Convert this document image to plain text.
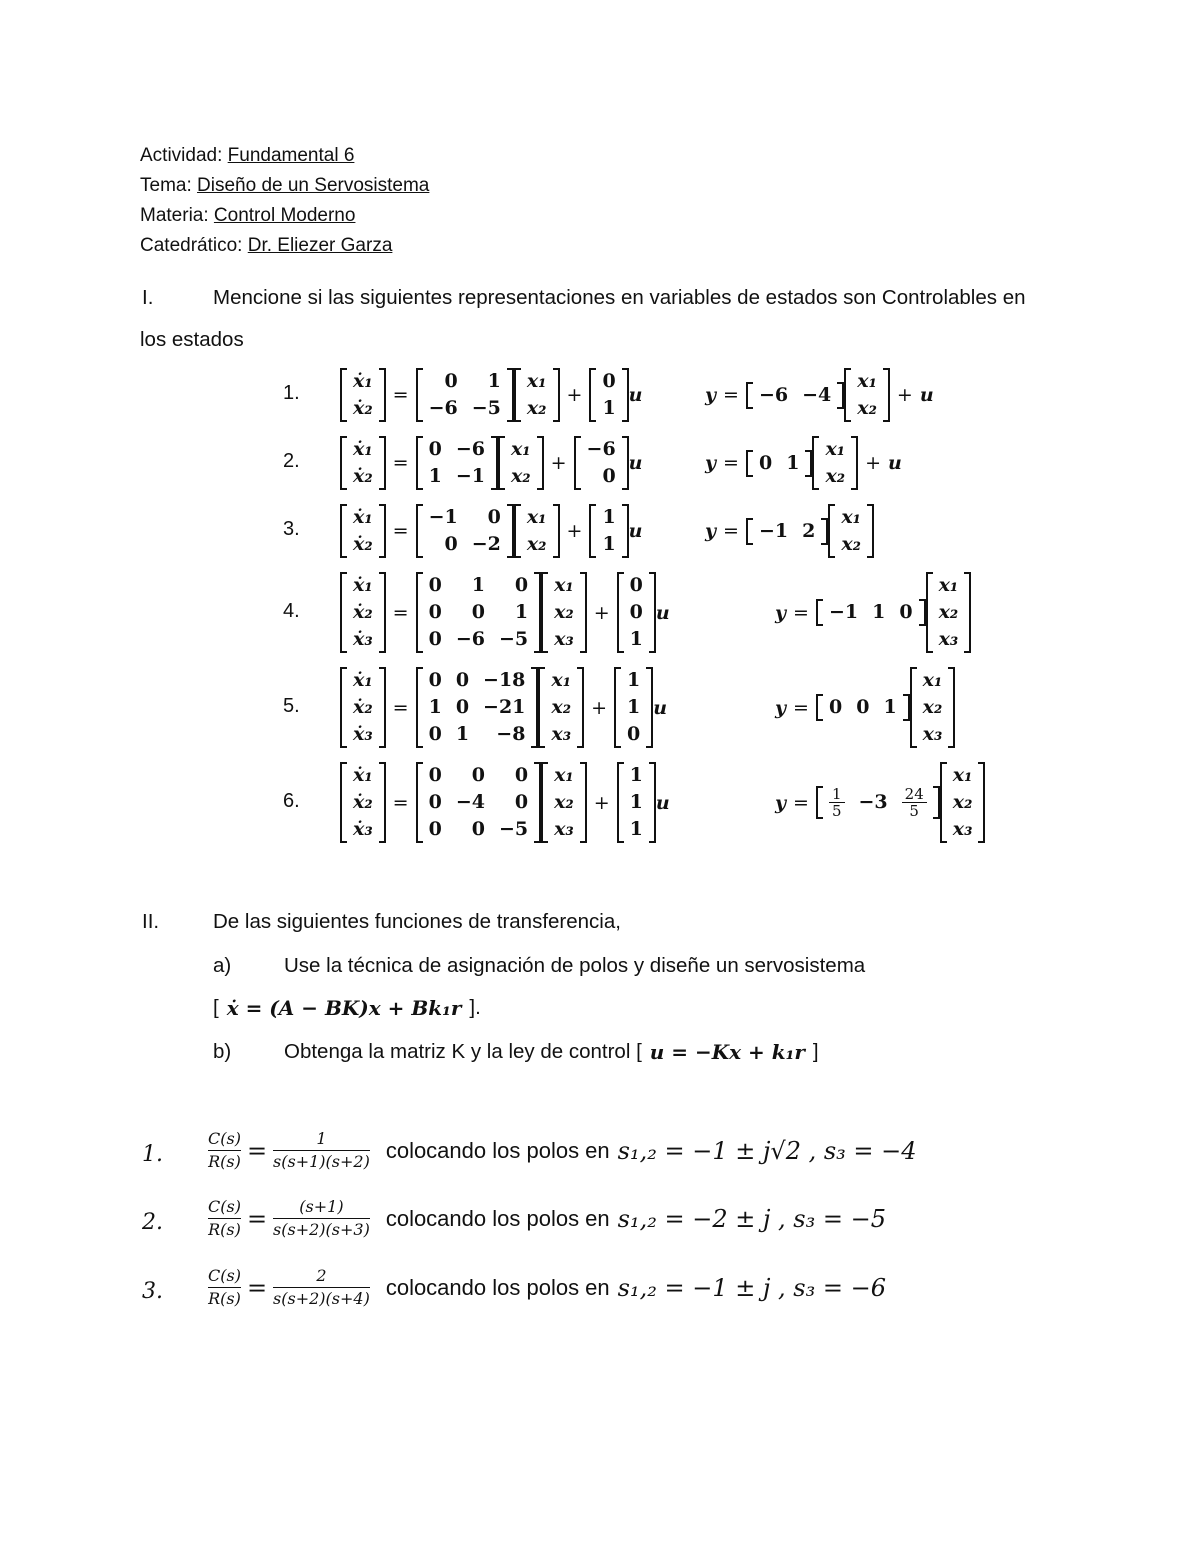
Actividad: Fundamental 6
Tema: Diseño de un Servosistema
Materia: Control Moderno
Catedrático: Dr. Eliezer Garza
I.	Mencione si las siguientes representaciones en variables de estados son Controlables en
los estados
1.
ẋ₁
ẋ₂
=
0	1
−6	−5
x₁
x₂
+
0
1
u	y =	−6	−4
x₁
x₂
+ u
2.
ẋ₁
ẋ₂
=
0	−6
1	−1
x₁
x₂
+
−6
0
u	y =	0	1
x₁
x₂
+ u
3.
ẋ₁
ẋ₂
=
−1	0
0	−2
x₁
x₂
+
1
1
u	y =	−1	2
x₁
x₂
4.
ẋ₁
ẋ₂
ẋ₃
=
0	1	0
0	0	1
0	−6	−5
x₁
x₂
x₃
+
0
0
1
u	y =	−1	1	0
x₁
x₂
x₃
5.
ẋ₁
ẋ₂
ẋ₃
=
0	0	−18
1	0	−21
0	1	−8
x₁
x₂
x₃
+
1
1
0
u	y =	0	0	1
x₁
x₂
x₃
6.
ẋ₁
ẋ₂
ẋ₃
=
0	0	0
0	−4	0
0	0	−5
x₁
x₂
x₃
+
1
1
1
u	y =	$\frac{1}{5}$	−3	$\frac{24}{5}$
x₁
x₂
x₃
II.	De las siguientes funciones de transferencia,
a)	Use la técnica de asignación de polos y diseñe un servosistema
[ ẋ = (A − BK)x + Bk₁r ].
b)	Obtenga la matriz K y la ley de control [ u = −Kx + k₁r ]
1.	$\frac{C(s)}{R(s)} = \frac{1}{s(s+1)(s+2)}$ colocando los polos en s₁,₂ = −1 ± j√2 , s₃ = −4
2.	$\frac{C(s)}{R(s)} = \frac{(s+1)}{s(s+2)(s+3)}$ colocando los polos en s₁,₂ = −2 ± j , s₃ = −5
3.	$\frac{C(s)}{R(s)} = \frac{2}{s(s+2)(s+4)}$ colocando los polos en s₁,₂ = −1 ± j , s₃ = −6
